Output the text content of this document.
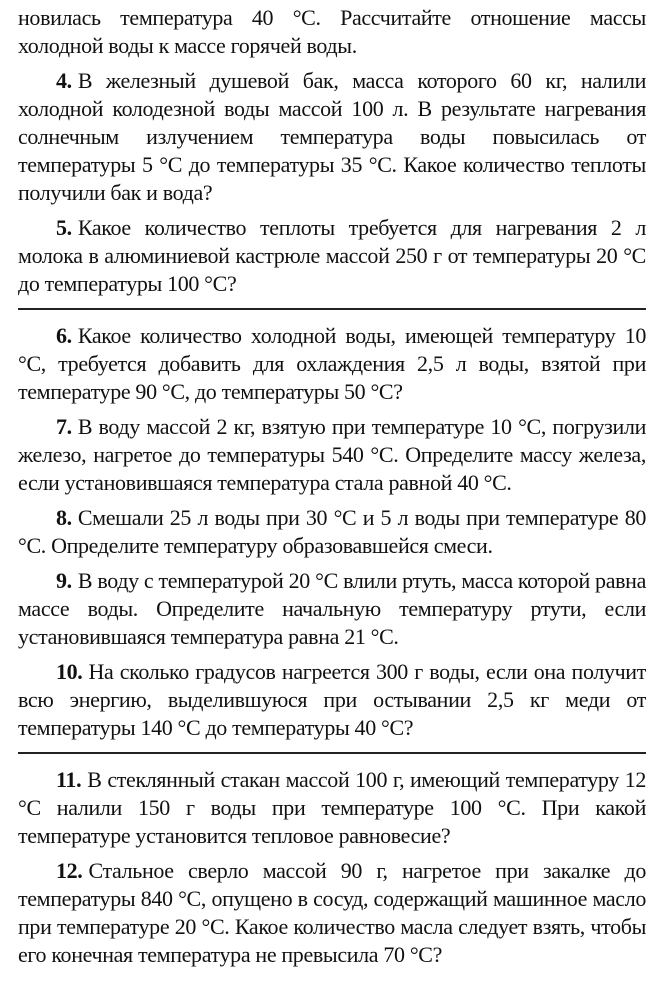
новилась температура 40 °С. Рассчитайте отношение массы холодной воды к массе горячей воды.

4. В железный душевой бак, масса которого 60 кг, налили холодной колодезной воды массой 100 л. В результате нагревания солнечным излучением температура воды повысилась от температуры 5 °С до температуры 35 °С. Какое количество теплоты получили бак и вода?

5. Какое количество теплоты требуется для нагревания 2 л молока в алюминиевой кастрюле массой 250 г от температуры 20 °С до температуры 100 °С?

6. Какое количество холодной воды, имеющей температуру 10 °С, требуется добавить для охлаждения 2,5 л воды, взятой при температуре 90 °С, до температуры 50 °С?

7. В воду массой 2 кг, взятую при температуре 10 °С, погрузили железо, нагретое до температуры 540 °С. Определите массу железа, если установившаяся температура стала равной 40 °С.

8. Смешали 25 л воды при 30 °С и 5 л воды при температуре 80 °С. Определите температуру образовавшейся смеси.

9. В воду с температурой 20 °С влили ртуть, масса которой равна массе воды. Определите начальную температуру ртути, если установившаяся температура равна 21 °С.

10. На сколько градусов нагреется 300 г воды, если она получит всю энергию, выделившуюся при остывании 2,5 кг меди от температуры 140 °С до температуры 40 °С?

11. В стеклянный стакан массой 100 г, имеющий температуру 12 °С налили 150 г воды при температуре 100 °С. При какой температуре установится тепловое равновесие?

12. Стальное сверло массой 90 г, нагретое при закалке до температуры 840 °С, опущено в сосуд, содержащий машинное масло при температуре 20 °С. Какое количество масла следует взять, чтобы его конечная температура не превысила 70 °С?
